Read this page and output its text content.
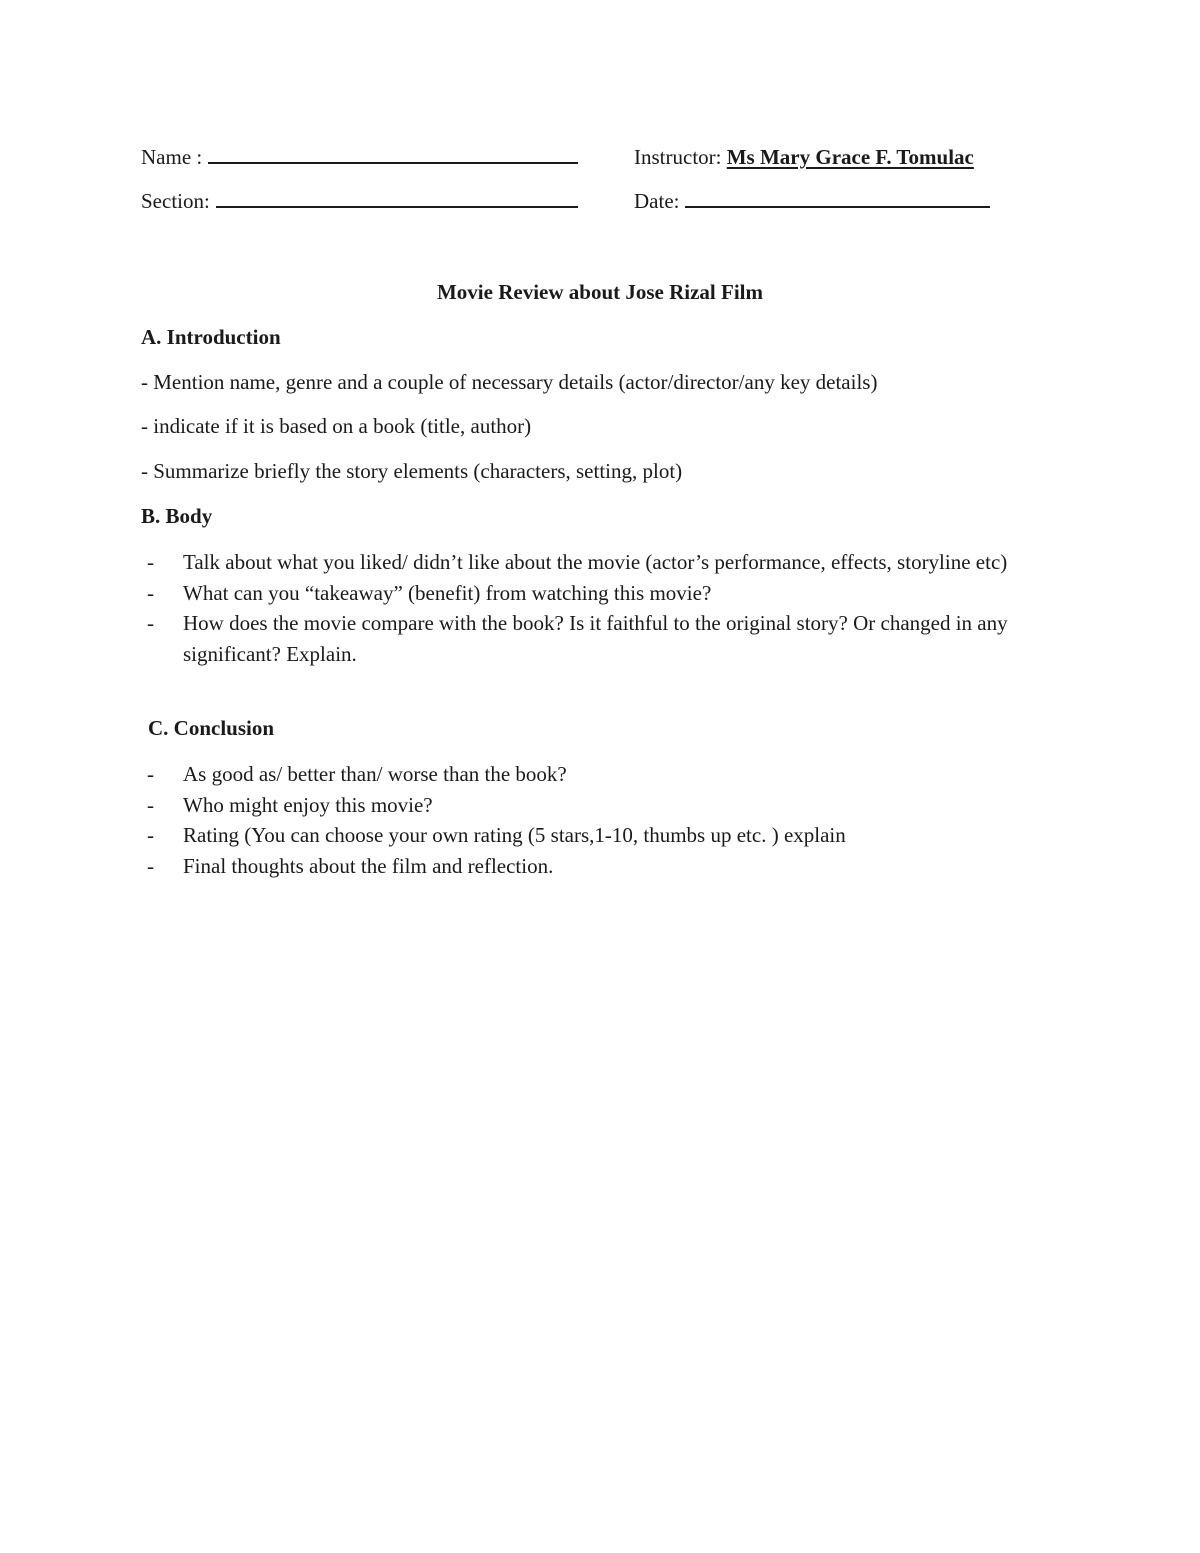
Name :	Instructor: Ms Mary Grace F. Tomulac
Section:	Date:
Movie Review about Jose Rizal Film
A. Introduction
- Mention name, genre and a couple of necessary details (actor/director/any key details)
- indicate if it is based on a book (title, author)
- Summarize briefly the story elements (characters, setting, plot)
B. Body
- Talk about what you liked/ didn’t like about the movie (actor’s performance, effects, storyline etc)
- What can you “takeaway” (benefit) from watching this movie?
- How does the movie compare with the book? Is it faithful to the original story? Or changed in any significant? Explain.
C. Conclusion
- As good as/ better than/ worse than the book?
- Who might enjoy this movie?
- Rating (You can choose your own rating (5 stars,1-10, thumbs up etc. ) explain
- Final thoughts about the film and reflection.
